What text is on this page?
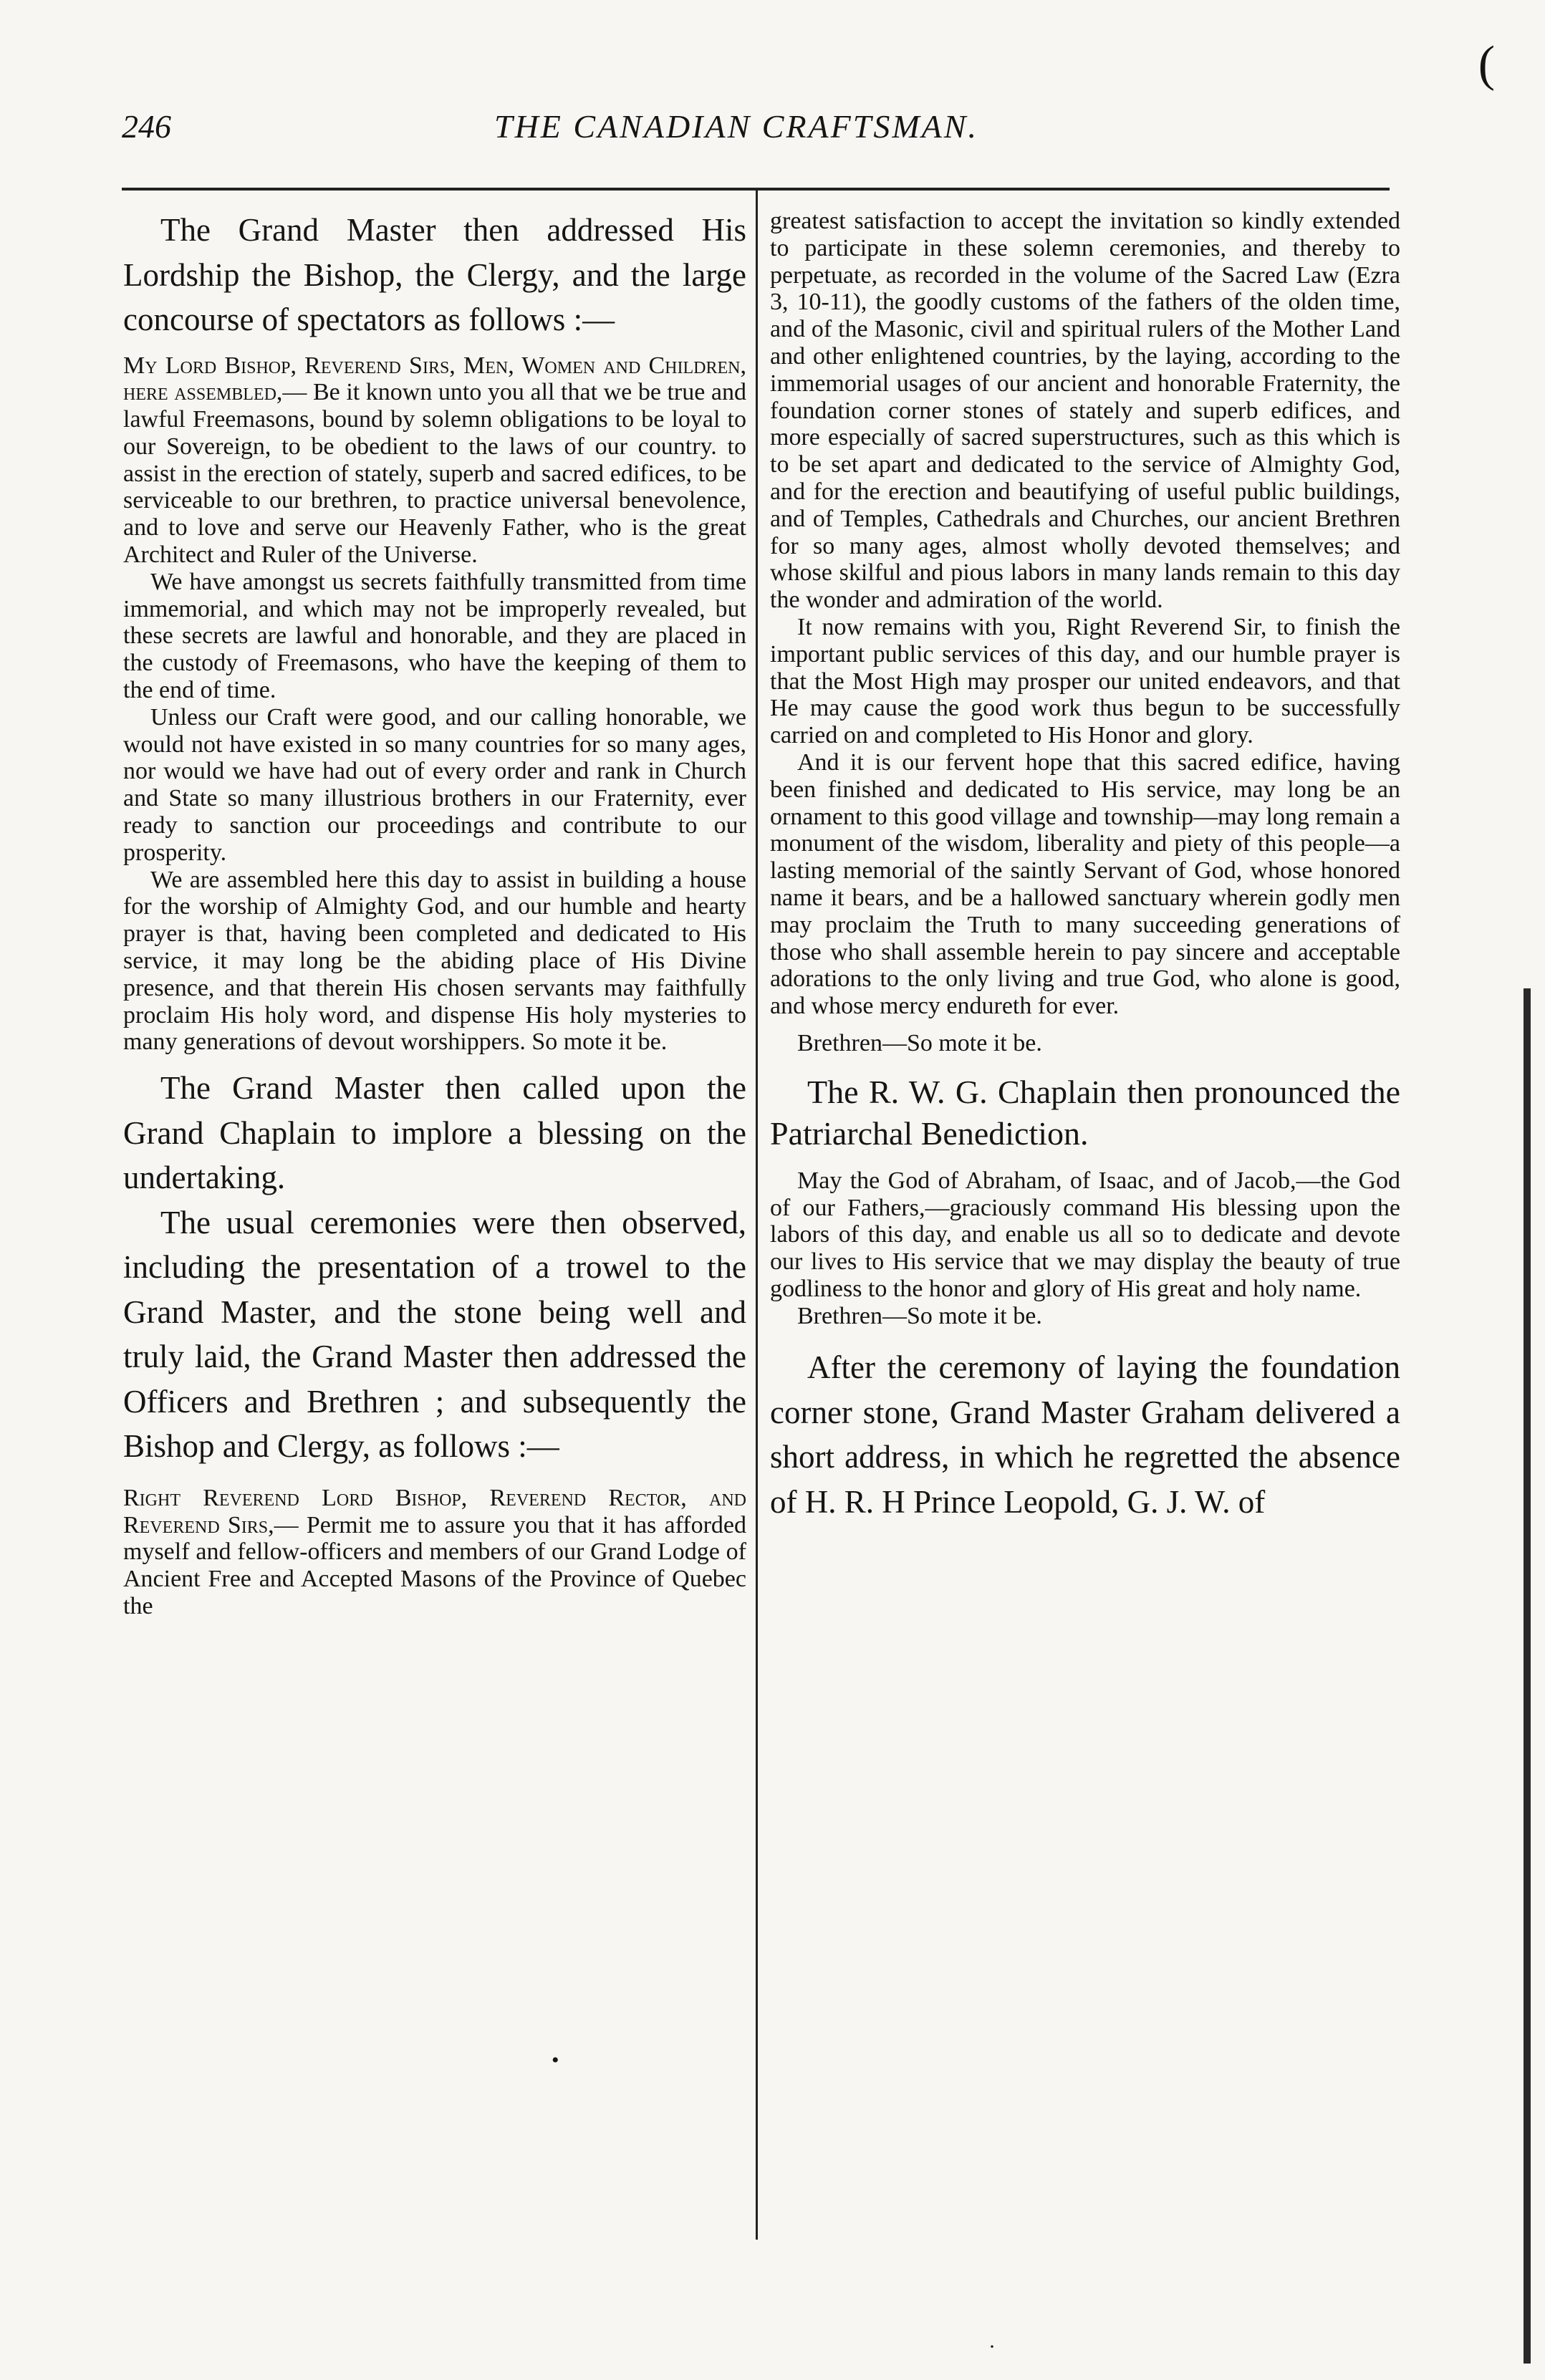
246	THE CANADIAN CRAFTSMAN.

The Grand Master then addressed His Lordship the Bishop, the Clergy, and the large concourse of spectators as follows :—

My Lord Bishop, Reverend Sirs, Men, Women and Children, here assembled,— Be it known unto you all that we be true and lawful Freemasons, bound by solemn obligations to be loyal to our Sovereign, to be obedient to the laws of our country. to assist in the erection of stately, superb and sacred edifices, to be serviceable to our brethren, to practice universal benevolence, and to love and serve our Heavenly Father, who is the great Architect and Ruler of the Universe.

We have amongst us secrets faithfully transmitted from time immemorial, and which may not be improperly revealed, but these secrets are lawful and honorable, and they are placed in the custody of Freemasons, who have the keeping of them to the end of time.

Unless our Craft were good, and our calling honorable, we would not have existed in so many countries for so many ages, nor would we have had out of every order and rank in Church and State so many illustrious brothers in our Fraternity, ever ready to sanction our proceedings and contribute to our prosperity.

We are assembled here this day to assist in building a house for the worship of Almighty God, and our humble and hearty prayer is that, having been completed and dedicated to His service, it may long be the abiding place of His Divine presence, and that therein His chosen servants may faithfully proclaim His holy word, and dispense His holy mysteries to many generations of devout worshippers. So mote it be.

The Grand Master then called upon the Grand Chaplain to implore a blessing on the undertaking.

The usual ceremonies were then observed, including the presentation of a trowel to the Grand Master, and the stone being well and truly laid, the Grand Master then addressed the Officers and Brethren ; and subsequently the Bishop and Clergy, as follows :—

Right Reverend Lord Bishop, Reverend Rector, and Reverend Sirs,— Permit me to assure you that it has afforded myself and fellow-officers and members of our Grand Lodge of Ancient Free and Accepted Masons of the Province of Quebec the

greatest satisfaction to accept the invitation so kindly extended to participate in these solemn ceremonies, and thereby to perpetuate, as recorded in the volume of the Sacred Law (Ezra 3, 10-11), the goodly customs of the fathers of the olden time, and of the Masonic, civil and spiritual rulers of the Mother Land and other enlightened countries, by the laying, according to the immemorial usages of our ancient and honorable Fraternity, the foundation corner stones of stately and superb edifices, and more especially of sacred superstructures, such as this which is to be set apart and dedicated to the service of Almighty God, and for the erection and beautifying of useful public buildings, and of Temples, Cathedrals and Churches, our ancient Brethren for so many ages, almost wholly devoted themselves; and whose skilful and pious labors in many lands remain to this day the wonder and admiration of the world.

It now remains with you, Right Reverend Sir, to finish the important public services of this day, and our humble prayer is that the Most High may prosper our united endeavors, and that He may cause the good work thus begun to be successfully carried on and completed to His Honor and glory.

And it is our fervent hope that this sacred edifice, having been finished and dedicated to His service, may long be an ornament to this good village and township—may long remain a monument of the wisdom, liberality and piety of this people—a lasting memorial of the saintly Servant of God, whose honored name it bears, and be a hallowed sanctuary wherein godly men may proclaim the Truth to many succeeding generations of those who shall assemble herein to pay sincere and acceptable adorations to the only living and true God, who alone is good, and whose mercy endureth for ever.

Brethren—So mote it be.

The R. W. G. Chaplain then pronounced the Patriarchal Benediction.

May the God of Abraham, of Isaac, and of Jacob,—the God of our Fathers,—graciously command His blessing upon the labors of this day, and enable us all so to dedicate and devote our lives to His service that we may display the beauty of true godliness to the honor and glory of His great and holy name.

Brethren—So mote it be.

After the ceremony of laying the foundation corner stone, Grand Master Graham delivered a short address, in which he regretted the absence of H. R. H Prince Leopold, G. J. W. of

(
•
·
